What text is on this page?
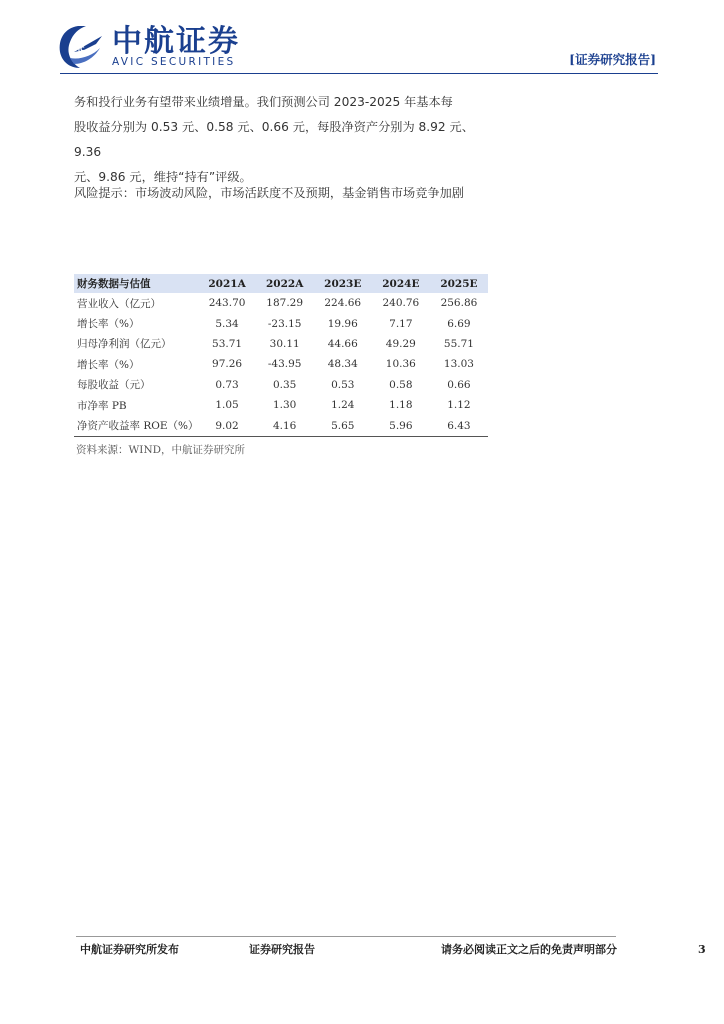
AVIC 中航证券
AVIC SECURITIES	[证券研究报告]

务和投行业务有望带来业绩增量。我们预测公司 2023-2025 年基本每

股收益分别为 0.53 元、0.58 元、0.66 元，每股净资产分别为 8.92 元、9.36

元、9.86 元，维持“持有”评级。

风险提示：市场波动风险，市场活跃度不及预期，基金销售市场竞争加剧
财务数据与估值	2021A	2022A	2023E	2024E	2025E
营业收入（亿元）	243.70	187.29	224.66	240.76	256.86
增长率（%）	5.34	-23.15	19.96	7.17	6.69
归母净利润（亿元）	53.71	30.11	44.66	49.29	55.71
增长率（%）	97.26	-43.95	48.34	10.36	13.03
每股收益（元）	0.73	0.35	0.53	0.58	0.66
市净率 PB	1.05	1.30	1.24	1.18	1.12
净资产收益率 ROE（%）	9.02	4.16	5.65	5.96	6.43
资料来源：WIND，中航证券研究所
中航证券研究所发布	证券研究报告	请务必阅读正文之后的免责声明部分	3
